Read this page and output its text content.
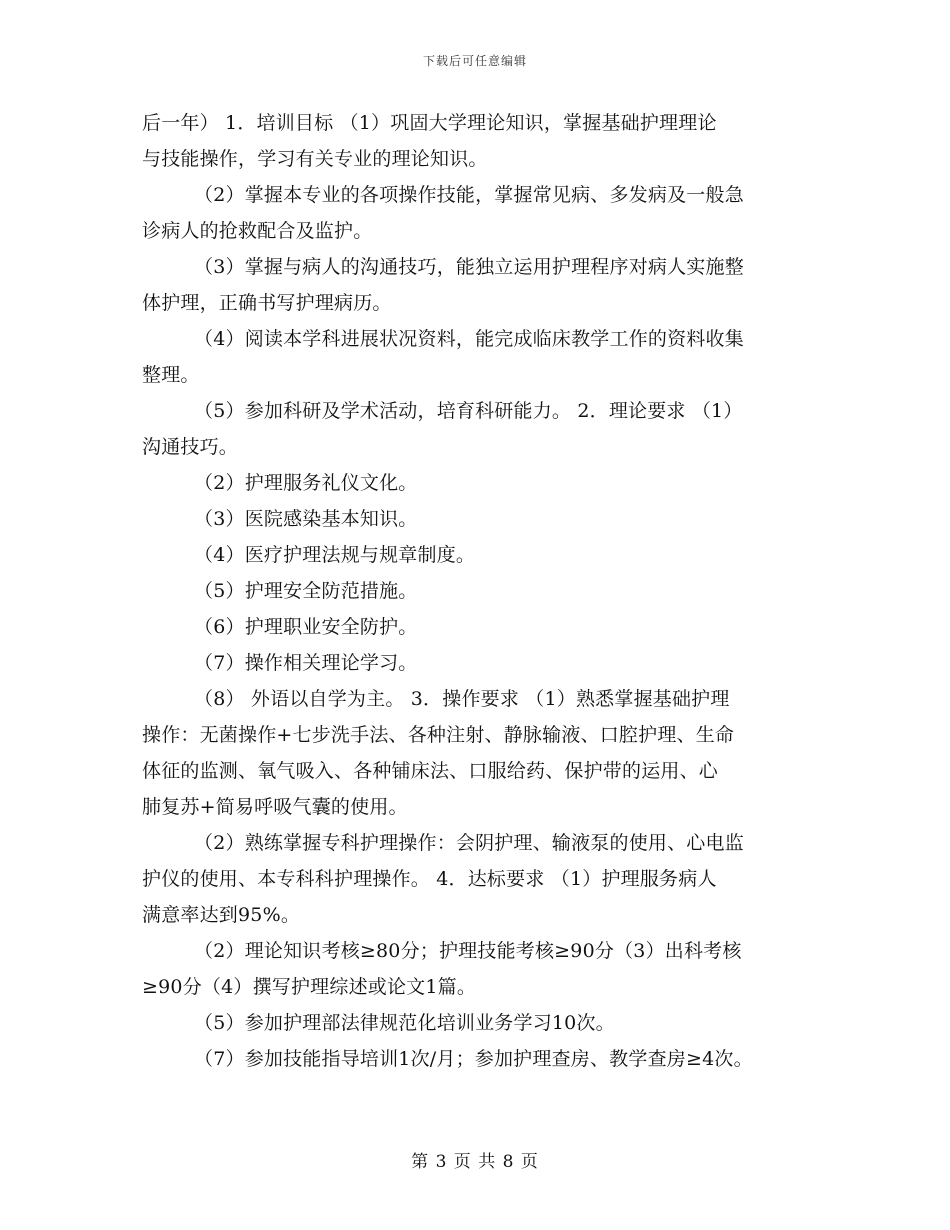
下载后可任意编辑
后一年） 1．培训目标 （1）巩固大学理论知识，掌握基础护理理论
与技能操作，学习有关专业的理论知识。
（2）掌握本专业的各项操作技能，掌握常见病、多发病及一般急
诊病人的抢救配合及监护。
（3）掌握与病人的沟通技巧，能独立运用护理程序对病人实施整
体护理，正确书写护理病历。
（4）阅读本学科进展状况资料，能完成临床教学工作的资料收集
整理。
（5）参加科研及学术活动，培育科研能力。 2．理论要求 （1）
沟通技巧。
（2）护理服务礼仪文化。
（3）医院感染基本知识。
（4）医疗护理法规与规章制度。
（5）护理安全防范措施。
（6）护理职业安全防护。
（7）操作相关理论学习。
（8） 外语以自学为主。 3．操作要求 （1）熟悉掌握基础护理
操作：无菌操作+七步洗手法、各种注射、静脉输液、口腔护理、生命
体征的监测、氧气吸入、各种铺床法、口服给药、保护带的运用、心
肺复苏+简易呼吸气囊的使用。
（2）熟练掌握专科护理操作：会阴护理、输液泵的使用、心电监
护仪的使用、本专科科护理操作。 4．达标要求 （1）护理服务病人
满意率达到95%。
（2）理论知识考核≥80分；护理技能考核≥90分（3）出科考核
≥90分（4）撰写护理综述或论文1篇。
（5）参加护理部法律规范化培训业务学习10次。
（7）参加技能指导培训1次/月；参加护理查房、教学查房≥4次。
第 3 页 共 8 页
